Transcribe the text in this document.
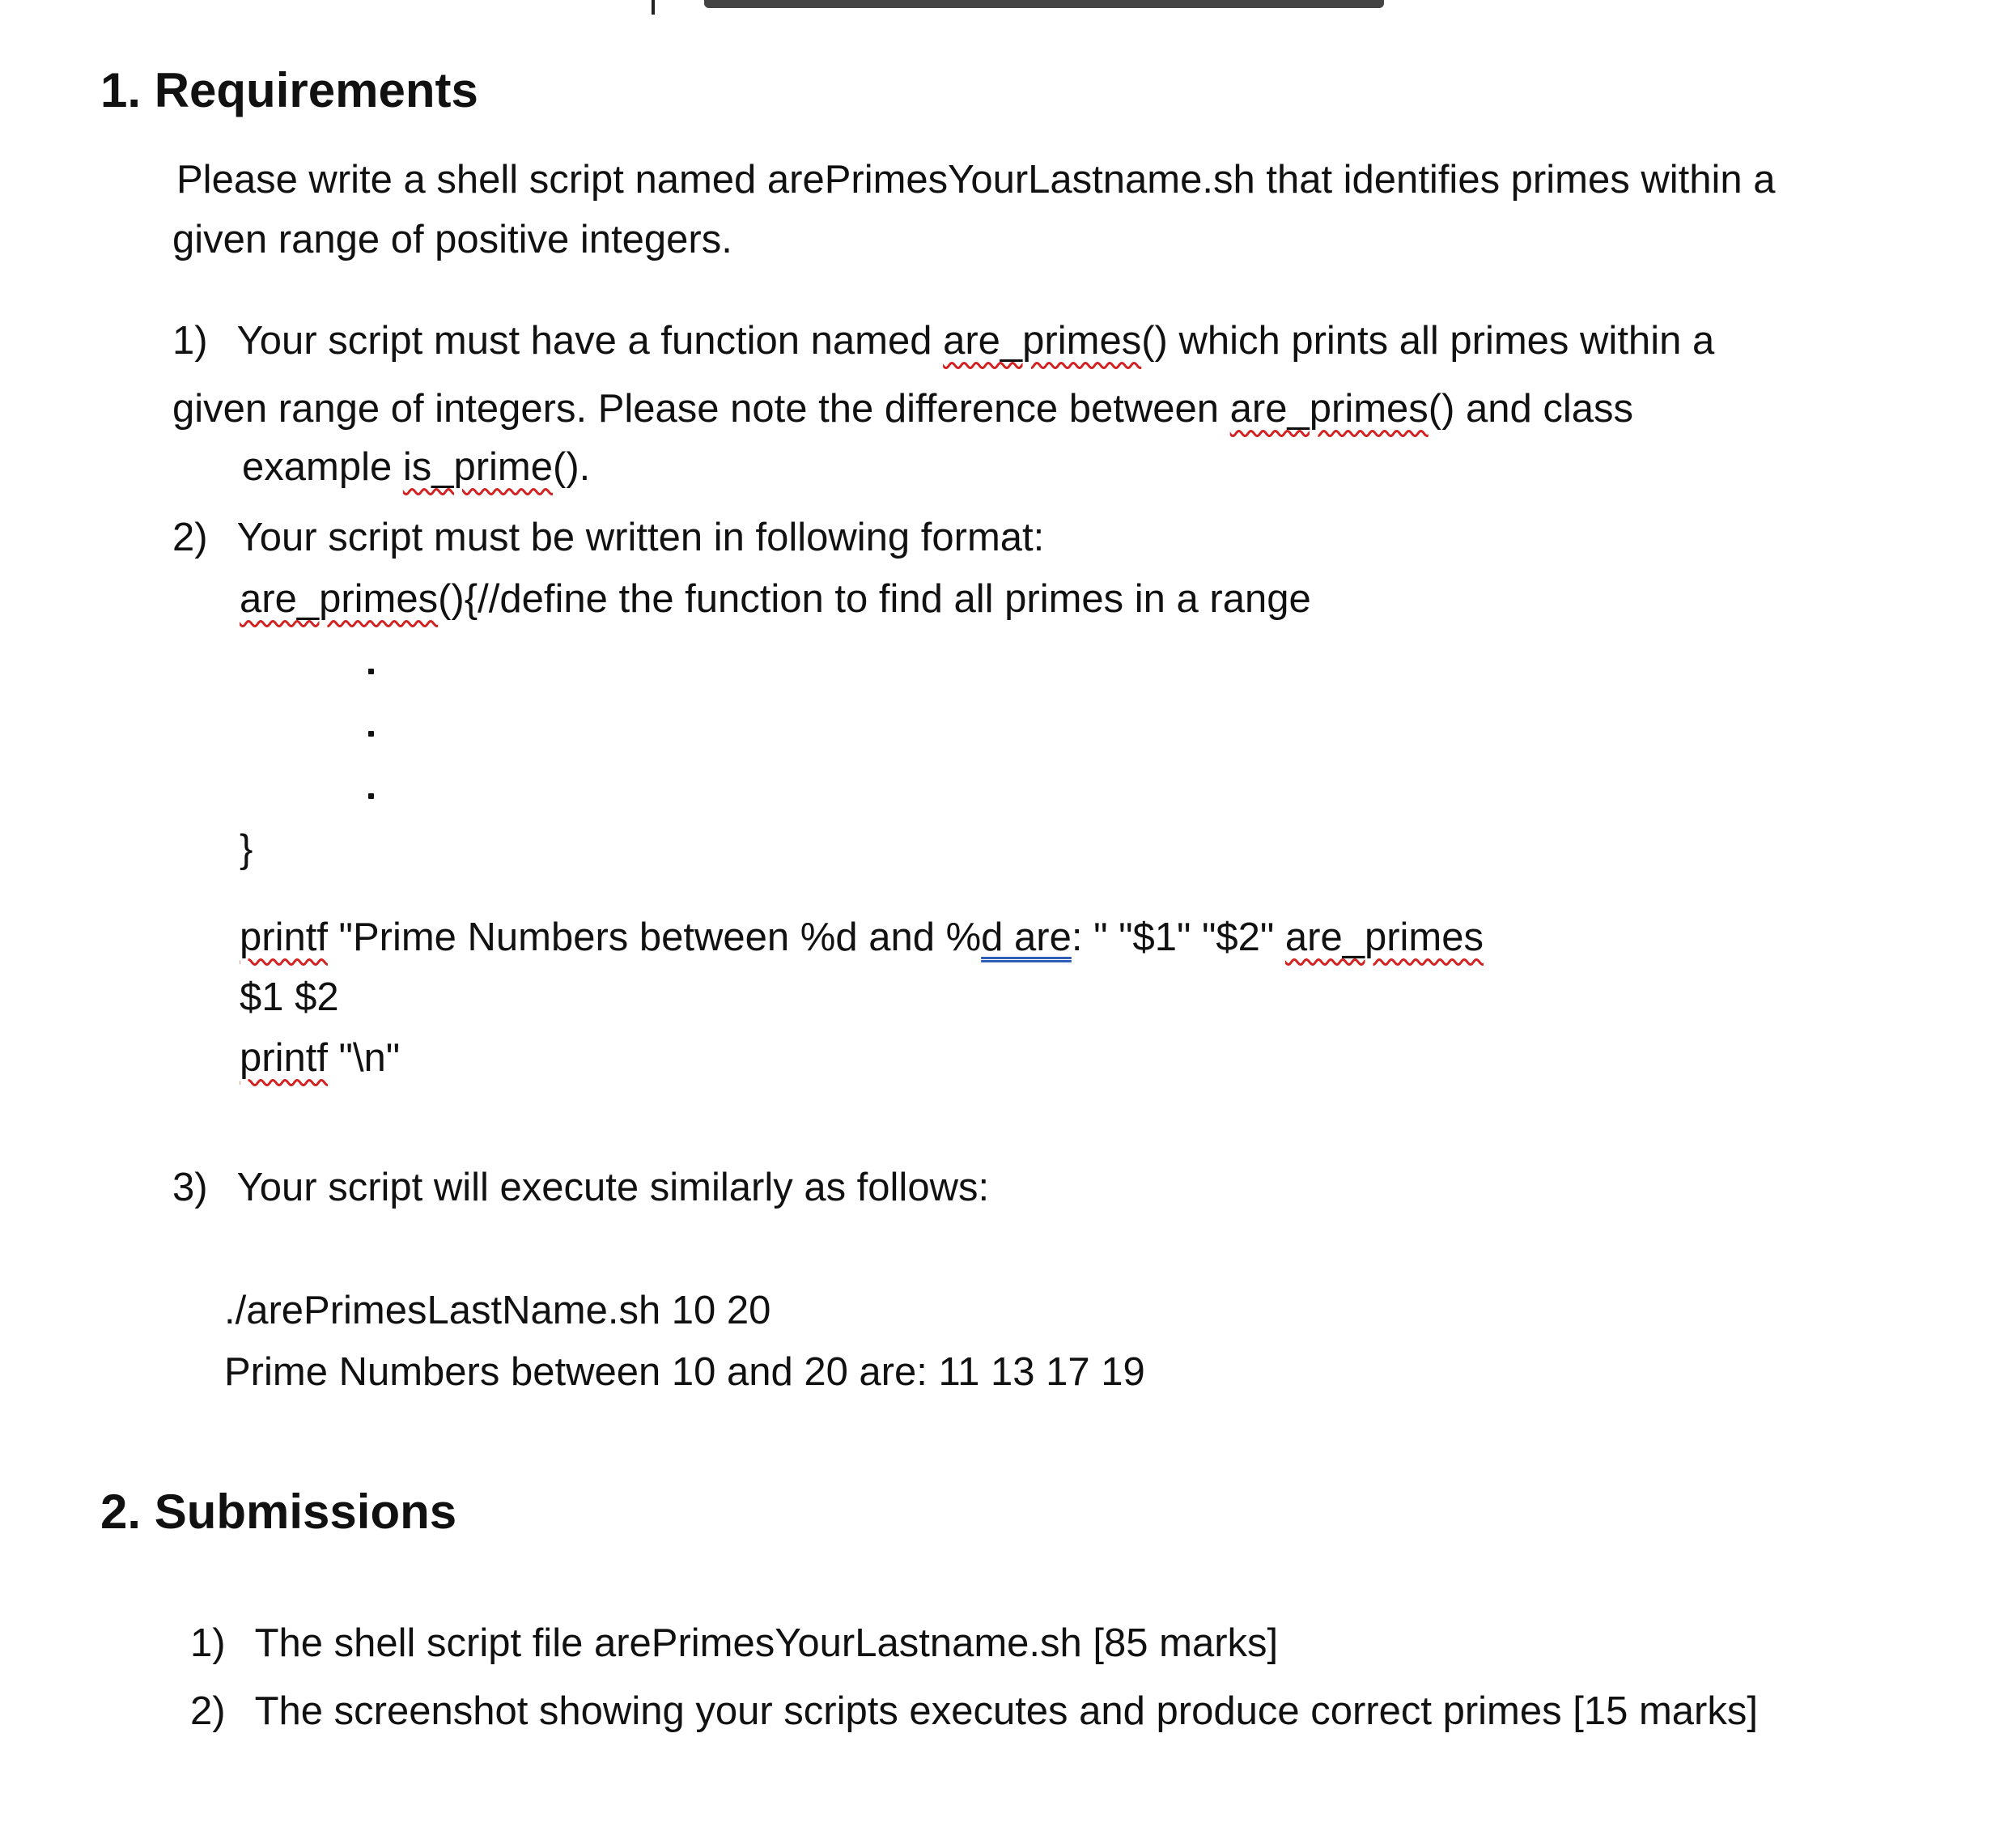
1. Requirements
Please write a shell script named arePrimesYourLastname.sh that identifies primes within a
given range of positive integers.
1) Your script must have a function named are_primes() which prints all primes within a
given range of integers. Please note the difference between are_primes() and class
example is_prime().
2) Your script must be written in following format:
are_primes(){//define the function to find all primes in a range
}
printf "Prime Numbers between %d and %d are: " "$1" "$2" are_primes
$1 $2
printf "\n"
3) Your script will execute similarly as follows:
./arePrimesLastName.sh 10 20
Prime Numbers between 10 and 20 are: 11 13 17 19
2. Submissions
1) The shell script file arePrimesYourLastname.sh [85 marks]
2) The screenshot showing your scripts executes and produce correct primes [15 marks]
